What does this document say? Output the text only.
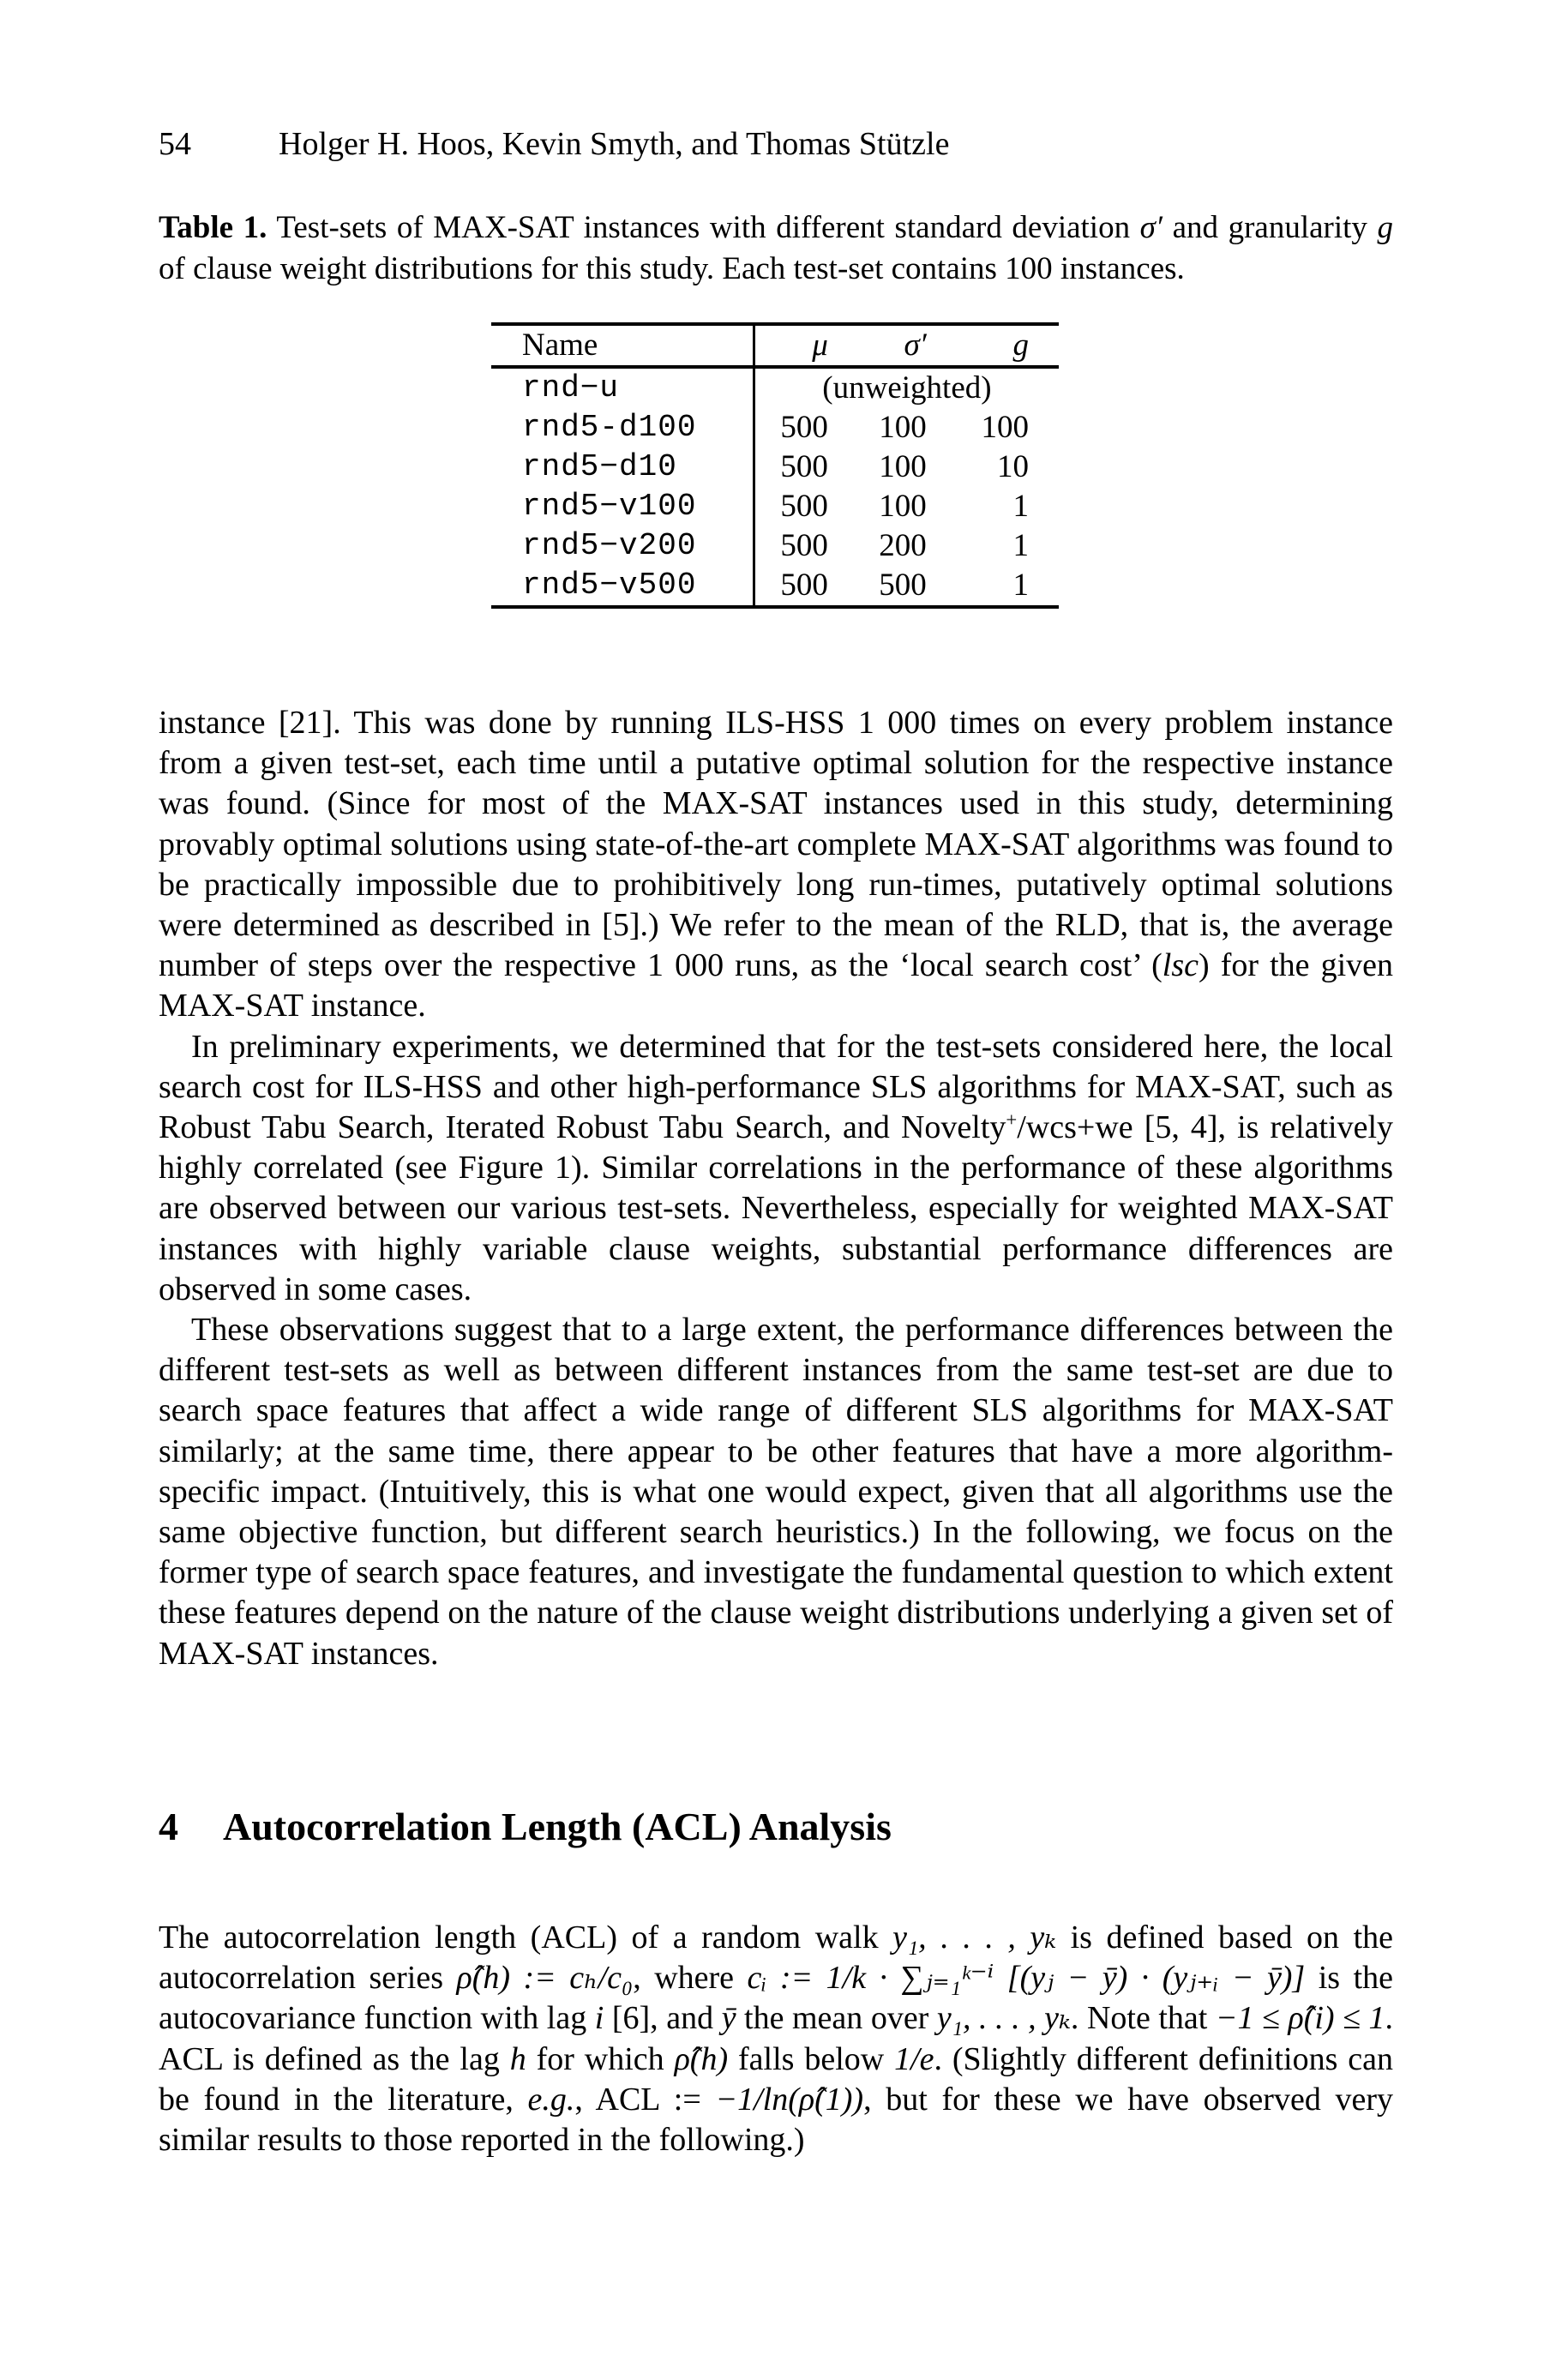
54	Holger H. Hoos, Kevin Smyth, and Thomas Stützle
Table 1. Test-sets of MAX-SAT instances with different standard deviation σ′ and granularity g of clause weight distributions for this study. Each test-set contains 100 instances.
Name	μ	σ′	g
rnd−u	(unweighted)		
rnd5-d100	500	100	100
rnd5−d10	500	100	10
rnd5−v100	500	100	1
rnd5−v200	500	200	1
rnd5−v500	500	500	1

instance [21]. This was done by running ILS-HSS 1 000 times on every problem instance from a given test-set, each time until a putative optimal solution for the respective instance was found. (Since for most of the MAX-SAT instances used in this study, determining provably optimal solutions using state-of-the-art complete MAX-SAT algorithms was found to be practically impossible due to prohibitively long run-times, putatively optimal solutions were determined as described in [5].) We refer to the mean of the RLD, that is, the average number of steps over the respective 1 000 runs, as the ‘local search cost’ (lsc) for the given MAX-SAT instance.

In preliminary experiments, we determined that for the test-sets considered here, the local search cost for ILS-HSS and other high-performance SLS algorithms for MAX-SAT, such as Robust Tabu Search, Iterated Robust Tabu Search, and Novelty+/wcs+we [5, 4], is relatively highly correlated (see Figure 1). Similar correlations in the performance of these algorithms are observed between our various test-sets. Nevertheless, especially for weighted MAX-SAT instances with highly variable clause weights, substantial performance differences are observed in some cases.

These observations suggest that to a large extent, the performance differences between the different test-sets as well as between different instances from the same test-set are due to search space features that affect a wide range of different SLS algorithms for MAX-SAT similarly; at the same time, there appear to be other features that have a more algorithm-specific impact. (Intuitively, this is what one would expect, given that all algorithms use the same objective function, but different search heuristics.) In the following, we focus on the former type of search space features, and investigate the fundamental question to which extent these features depend on the nature of the clause weight distributions underlying a given set of MAX-SAT instances.

4 Autocorrelation Length (ACL) Analysis

The autocorrelation length (ACL) of a random walk y₁, . . . , yₖ is defined based on the autocorrelation series ρ̂(h) := cₕ/c₀, where cᵢ := 1/k · ∑ⱼ₌₁ᵏ⁻ⁱ [(yⱼ − ȳ) · (yⱼ₊ᵢ − ȳ)] is the autocovariance function with lag i [6], and ȳ the mean over y₁, . . . , yₖ. Note that −1 ≤ ρ̂(i) ≤ 1. ACL is defined as the lag h for which ρ̂(h) falls below 1/e. (Slightly different definitions can be found in the literature, e.g., ACL := −1/ln(ρ̂(1)), but for these we have observed very similar results to those reported in the following.)
